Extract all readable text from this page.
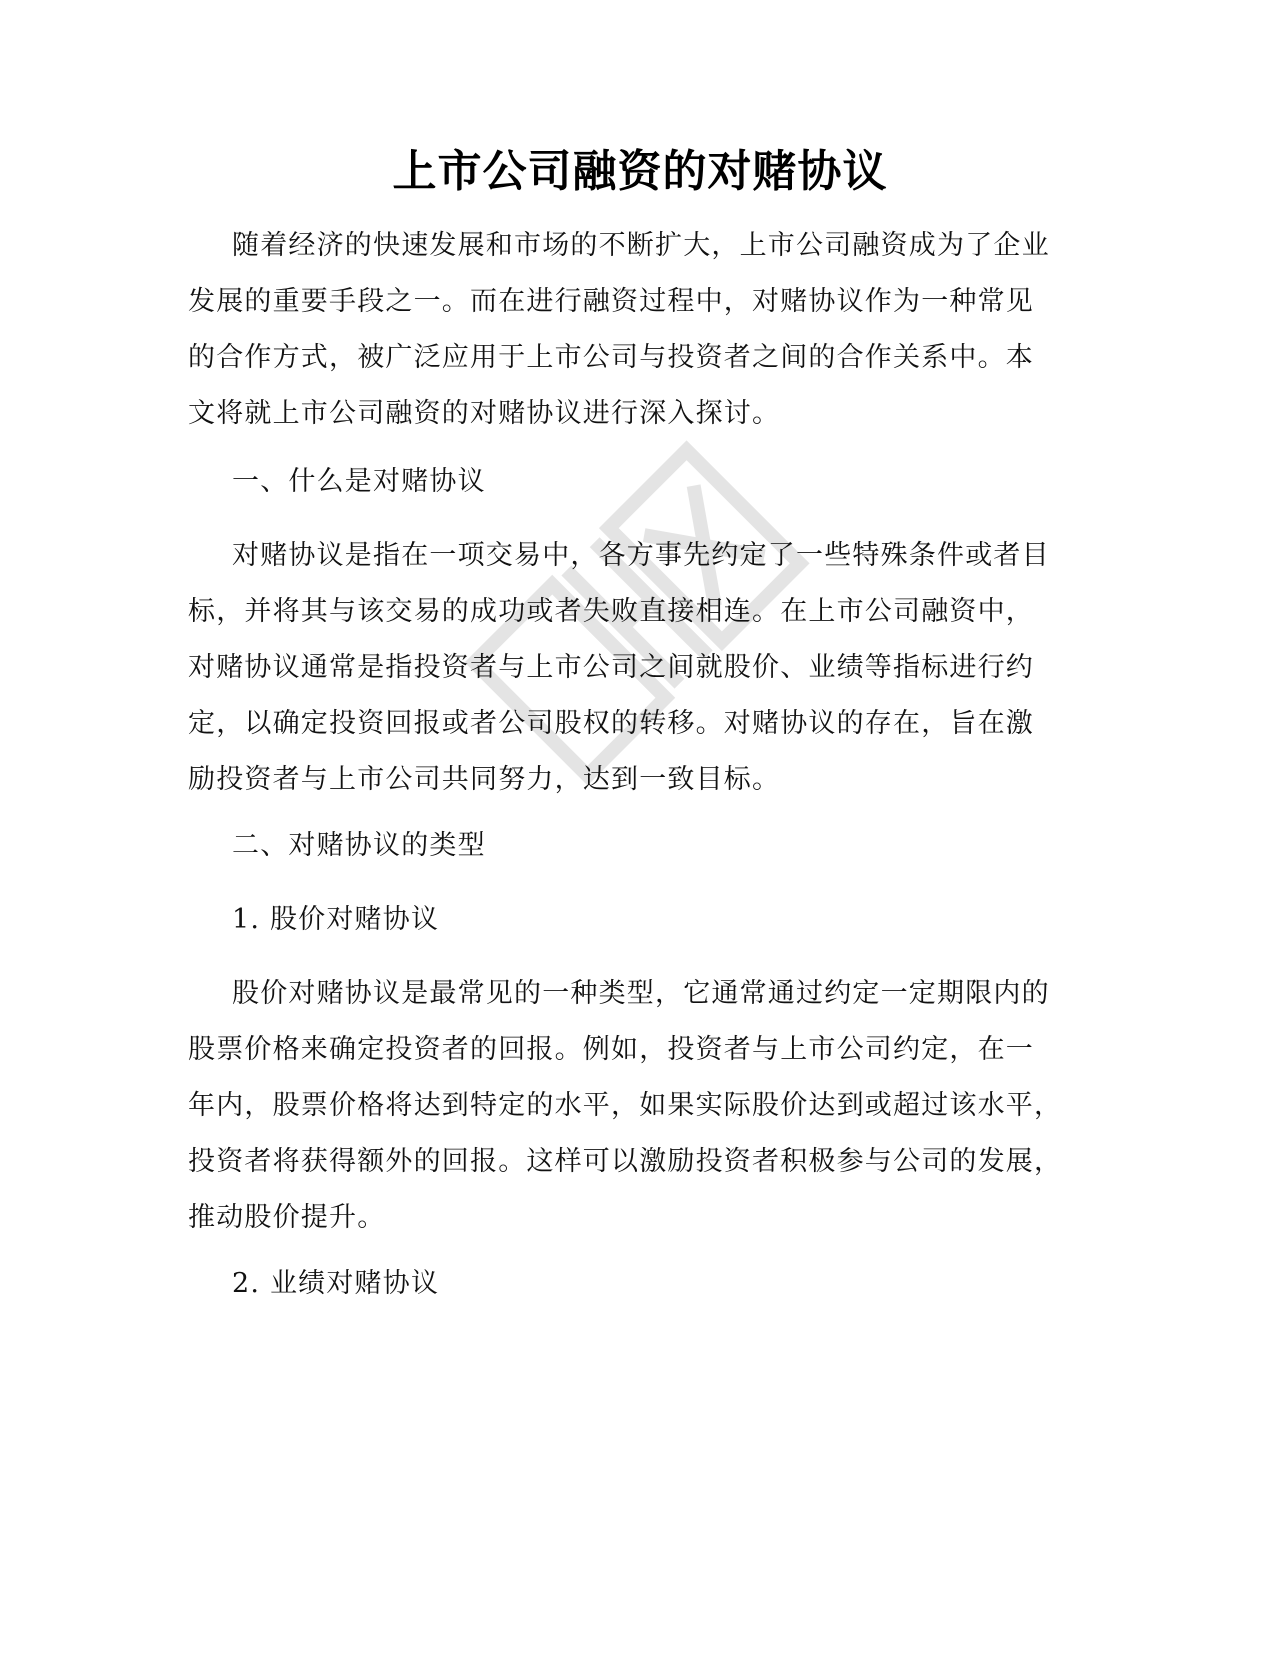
上市公司融资的对赌协议
随着经济的快速发展和市场的不断扩大，上市公司融资成为了企业
发展的重要手段之一。而在进行融资过程中，对赌协议作为一种常见
的合作方式，被广泛应用于上市公司与投资者之间的合作关系中。本
文将就上市公司融资的对赌协议进行深入探讨。

一、什么是对赌协议

对赌协议是指在一项交易中，各方事先约定了一些特殊条件或者目
标，并将其与该交易的成功或者失败直接相连。在上市公司融资中，
对赌协议通常是指投资者与上市公司之间就股价、业绩等指标进行约
定，以确定投资回报或者公司股权的转移。对赌协议的存在，旨在激
励投资者与上市公司共同努力，达到一致目标。

二、对赌协议的类型

1. 股价对赌协议

股价对赌协议是最常见的一种类型，它通常通过约定一定期限内的
股票价格来确定投资者的回报。例如，投资者与上市公司约定，在一
年内，股票价格将达到特定的水平，如果实际股价达到或超过该水平，
投资者将获得额外的回报。这样可以激励投资者积极参与公司的发展，
推动股价提升。

2. 业绩对赌协议
